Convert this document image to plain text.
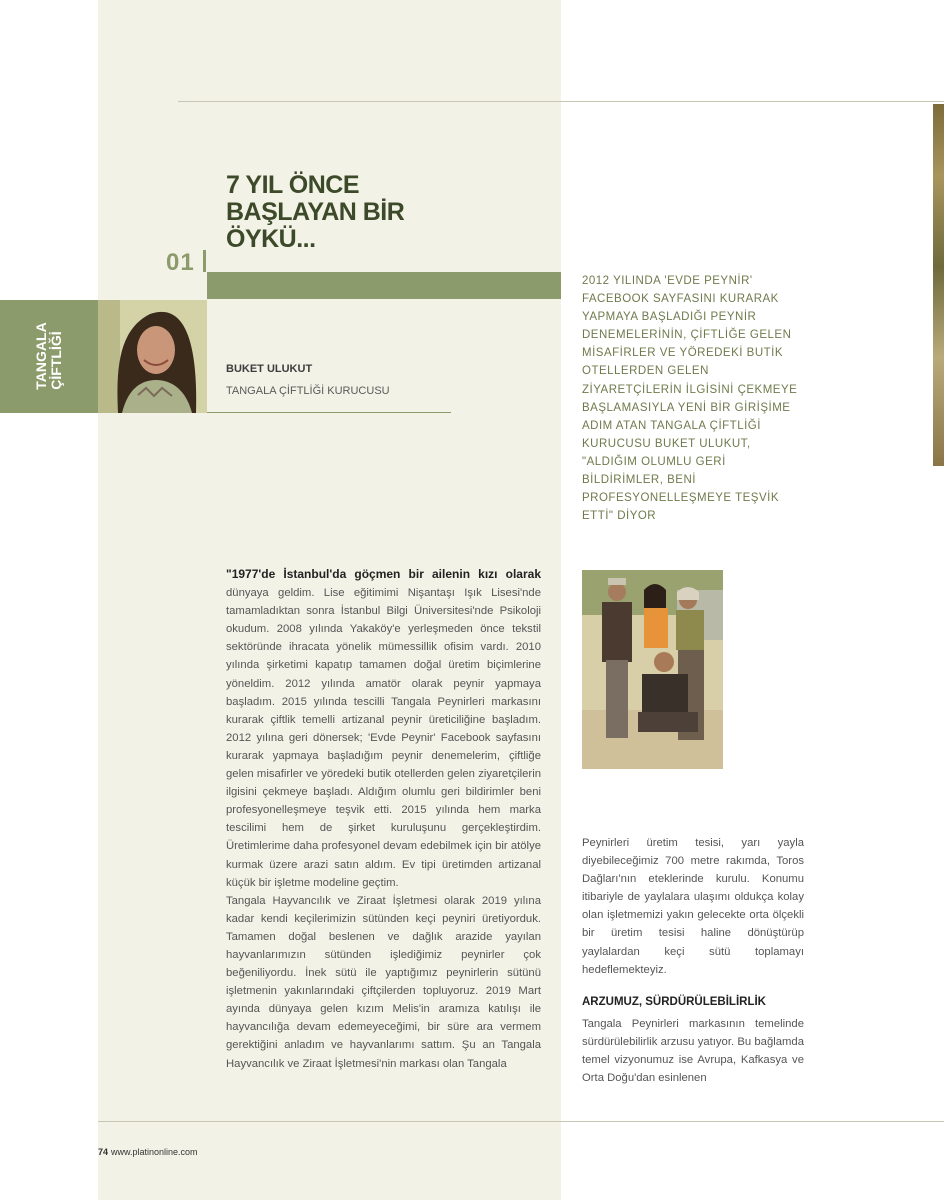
01
7 YIL ÖNCE
BAŞLAYAN BİR
ÖYKÜ...
TANGALA ÇİFTLİĞİ	BUKET ULUKUT
TANGALA ÇİFTLİĞİ KURUCUSU
2012 YILINDA 'EVDE PEYNİR' FACEBOOK SAYFASINI KURARAK YAPMAYA BAŞLADIĞI PEYNİR DENEMELERİNİN, ÇİFTLİĞE GELEN MİSAFİRLER VE YÖREDEKİ BUTİK OTELLERDEN GELEN ZİYARETÇİLERİN İLGİSİNİ ÇEKMEYE BAŞLAMASIYLA YENİ BİR GİRİŞİME ADIM ATAN TANGALA ÇİFTLİĞİ KURUCUSU BUKET ULUKUT, "ALDIĞIM OLUMLU GERİ BİLDİRİMLER, BENİ PROFESYONELLEŞMEYE TEŞVİK ETTİ" DİYOR

"1977'de İstanbul'da göçmen bir ailenin kızı olarak dünyaya geldim. Lise eğitimimi Nişantaşı Işık Lisesi'nde tamamladıktan sonra İstanbul Bilgi Üniversitesi'nde Psikoloji okudum. 2008 yılında Yakaköy'e yerleşmeden önce tekstil sektöründe ihracata yönelik mümessillik ofisim vardı. 2010 yılında şirketimi kapatıp tamamen doğal üretim biçimlerine yöneldim. 2012 yılında amatör olarak peynir yapmaya başladım. 2015 yılında tescilli Tangala Peynirleri markasını kurarak çiftlik temelli artizanal peynir üreticiliğine başladım. 2012 yılına geri dönersek; 'Evde Peynir' Facebook sayfasını kurarak yapmaya başladığım peynir denemelerim, çiftliğe gelen misafirler ve yöredeki butik otellerden gelen ziyaretçilerin ilgisini çekmeye başladı. Aldığım olumlu geri bildirimler beni profesyonelleşmeye teşvik etti. 2015 yılında hem marka tescilimi hem de şirket kuruluşunu gerçekleştirdim. Üretimlerime daha profesyonel devam edebilmek için bir atölye kurmak üzere arazi satın aldım. Ev tipi üretimden artizanal küçük bir işletme modeline geçtim.

Tangala Hayvancılık ve Ziraat İşletmesi olarak 2019 yılına kadar kendi keçilerimizin sütünden keçi peyniri üretiyorduk. Tamamen doğal beslenen ve dağlık arazide yayılan hayvanlarımızın sütünden işlediğimiz peynirler çok beğeniliyordu. İnek sütü ile yaptığımız peynirlerin sütünü işletmenin yakınlarındaki çiftçilerden topluyoruz. 2019 Mart ayında dünyaya gelen kızım Melis'in aramıza katılışı ile hayvancılığa devam edemeyeceğimi, bir süre ara vermem gerektiğini anladım ve hayvanlarımı sattım. Şu an Tangala Hayvancılık ve Ziraat İşletmesi'nin markası olan Tangala

Peynirleri üretim tesisi, yarı yayla diyebileceğimiz 700 metre rakımda, Toros Dağları'nın eteklerinde kurulu. Konumu itibariyle de yaylalara ulaşımı oldukça kolay olan işletmemizi yakın gelecekte orta ölçekli bir üretim tesisi haline dönüştürüp yaylalardan keçi sütü toplamayı hedeflemekteyiz.
ARZUMUZ, SÜRDÜRÜLEBİLİRLİK
Tangala Peynirleri markasının temelinde sürdürülebilirlik arzusu yatıyor. Bu bağlamda temel vizyonumuz ise Avrupa, Kafkasya ve Orta Doğu'dan esinlenen
74 www.platinonline.com
